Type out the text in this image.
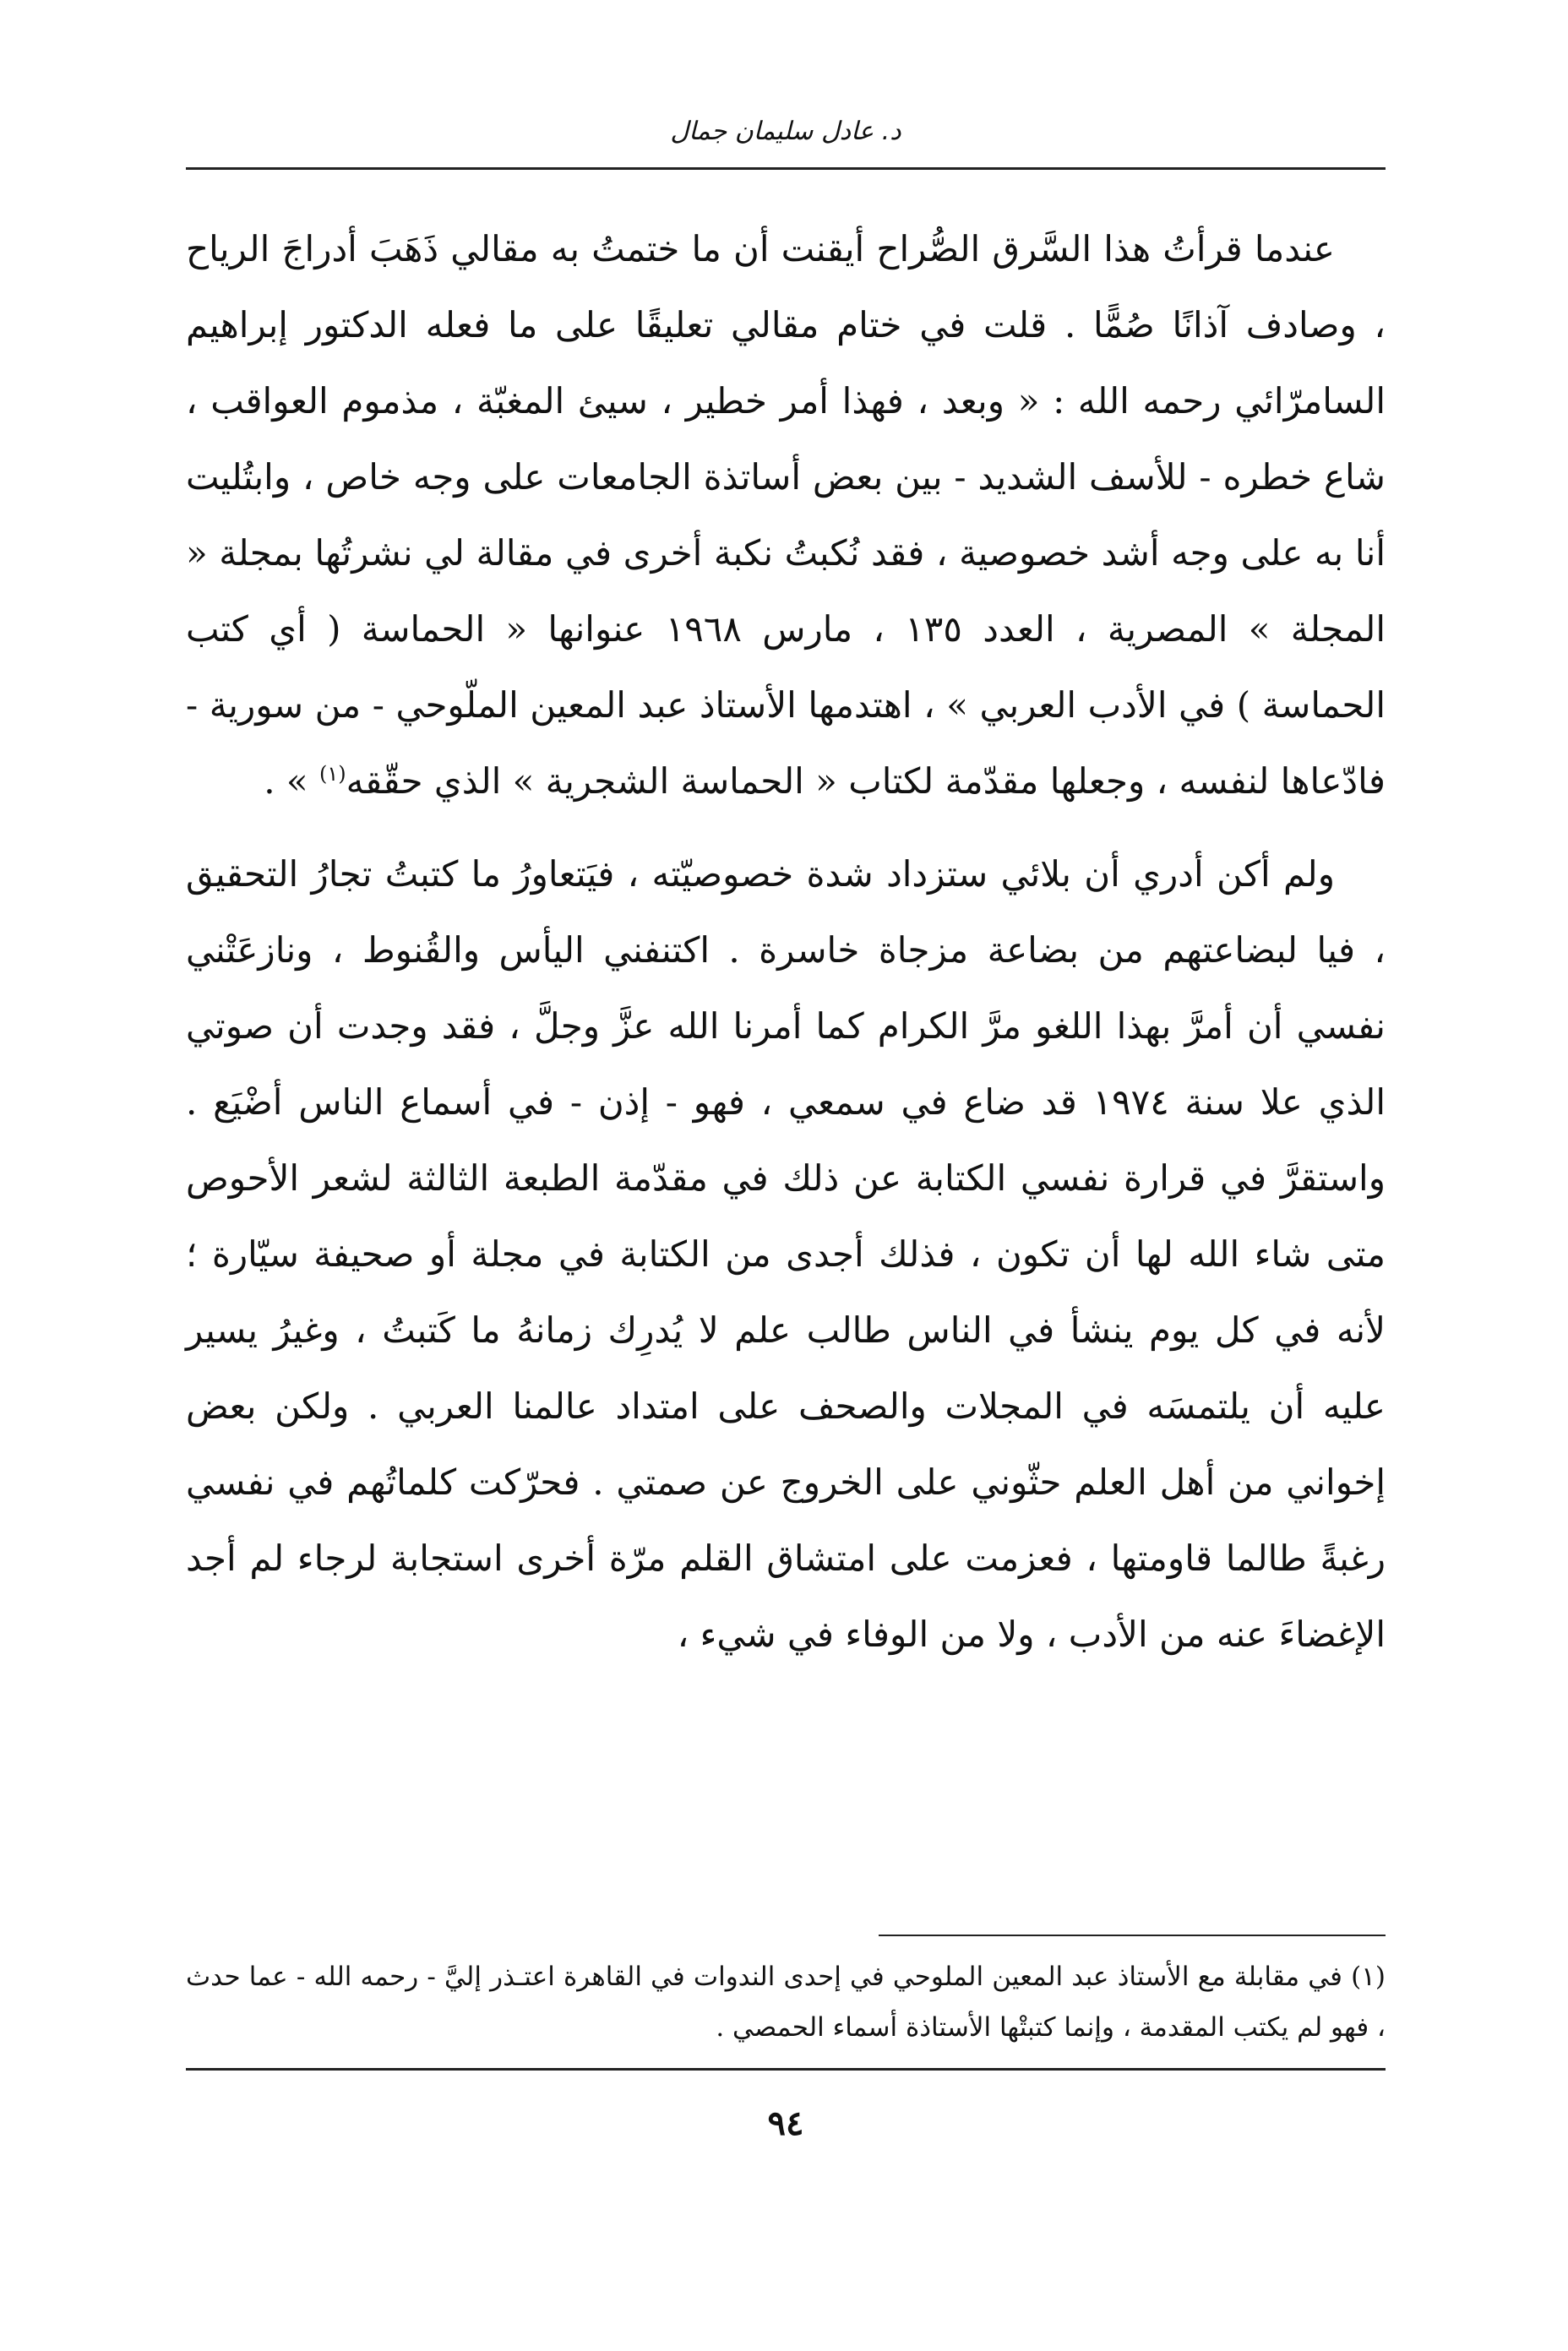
د. عادل سليمان جمال

عندما قرأتُ هذا السَّرق الصُّراح أيقنت أن ما ختمتُ به مقالي ذَهَبَ أدراجَ الرياح ، وصادف آذانًا صُمًّا . قلت في ختام مقالي تعليقًا على ما فعله الدكتور إبراهيم السامرّائي رحمه الله : « وبعد ، فهذا أمر خطير ، سيئ المغبّة ، مذموم العواقب ، شاع خطره - للأسف الشديد - بين بعض أساتذة الجامعات على وجه خاص ، وابتُليت أنا به على وجه أشد خصوصية ، فقد نُكبتُ نكبة أخرى في مقالة لي نشرتُها بمجلة « المجلة » المصرية ، العدد ١٣٥ ، مارس ١٩٦٨ عنوانها « الحماسة ( أي كتب الحماسة ) في الأدب العربي » ، اهتدمها الأستاذ عبد المعين الملّوحي - من سورية - فادّعاها لنفسه ، وجعلها مقدّمة لكتاب « الحماسة الشجرية » الذي حقّقه$^{(١)}$ » .

ولم أكن أدري أن بلائي ستزداد شدة خصوصيّته ، فيَتعاورُ ما كتبتُ تجارُ التحقيق ، فيا لبضاعتهم من بضاعة مزجاة خاسرة . اكتنفني اليأس والقُنوط ، ونازعَتْني نفسي أن أمرَّ بهذا اللغو مرَّ الكرام كما أمرنا الله عزَّ وجلَّ ، فقد وجدت أن صوتي الذي علا سنة ١٩٧٤ قد ضاع في سمعي ، فهو - إذن - في أسماع الناس أضْيَع . واستقرَّ في قرارة نفسي الكتابة عن ذلك في مقدّمة الطبعة الثالثة لشعر الأحوص متى شاء الله لها أن تكون ، فذلك أجدى من الكتابة في مجلة أو صحيفة سيّارة ؛ لأنه في كل يوم ينشأ في الناس طالب علم لا يُدرِك زمانهُ ما كَتبتُ ، وغيرُ يسير عليه أن يلتمسَه في المجلات والصحف على امتداد عالمنا العربي . ولكن بعض إخواني من أهل العلم حثّوني على الخروج عن صمتي . فحرّكت كلماتُهم في نفسي رغبةً طالما قاومتها ، فعزمت على امتشاق القلم مرّة أخرى استجابة لرجاء لم أجد الإغضاءَ عنه من الأدب ، ولا من الوفاء في شيء ،

(١) في مقابلة مع الأستاذ عبد المعين الملوحي في إحدى الندوات في القاهرة اعتـذر إليَّ - رحمه الله - عما حدث ، فهو لم يكتب المقدمة ، وإنما كتبتْها الأستاذة أسماء الحمصي .

٩٤
